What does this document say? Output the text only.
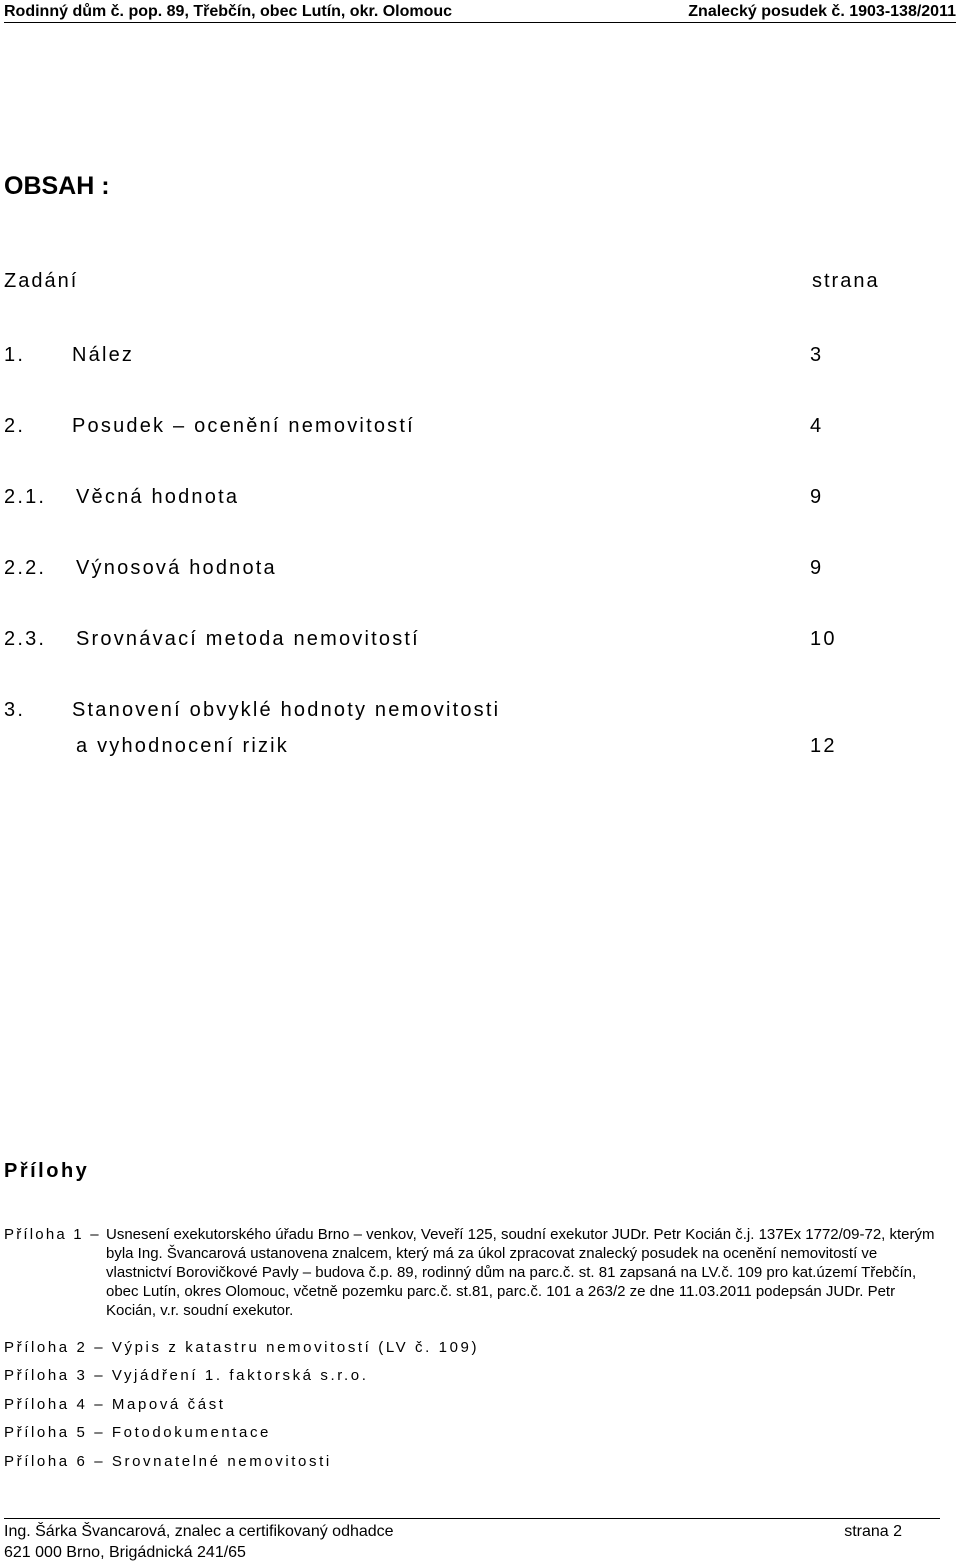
Rodinný dům č. pop. 89, Třebčín, obec Lutín, okr. Olomouc	Znalecký posudek č. 1903-138/2011
OBSAH :
Zadání	strana
1. Nález	3
2. Posudek – ocenění nemovitostí	4
2.1. Věcná hodnota	9
2.2. Výnosová hodnota	9
2.3. Srovnávací metoda nemovitostí	10
3. Stanovení obvyklé hodnoty nemovitosti
a vyhodnocení rizik	12
Přílohy
Příloha 1 – Usnesení exekutorského úřadu Brno – venkov, Veveří 125, soudní exekutor JUDr. Petr Kocián č.j. 137Ex 1772/09-72, kterým byla Ing. Švancarová ustanovena znalcem, který má za úkol zpracovat znalecký posudek na ocenění nemovitostí ve vlastnictví Borovičkové Pavly – budova č.p. 89, rodinný dům na parc.č. st. 81 zapsaná na LV.č. 109 pro kat.území Třebčín, obec Lutín, okres Olomouc, včetně pozemku parc.č. st.81, parc.č. 101 a 263/2 ze dne 11.03.2011 podepsán JUDr. Petr Kocián, v.r. soudní exekutor.
Příloha 2 – Výpis z katastru nemovitostí (LV č. 109)
Příloha 3 – Vyjádření 1. faktorská s.r.o.
Příloha 4 – Mapová část
Příloha 5 – Fotodokumentace
Příloha 6 – Srovnatelné nemovitosti
Ing. Šárka Švancarová, znalec a certifikovaný odhadce
621 000 Brno, Brigádnická 241/65
strana 2
